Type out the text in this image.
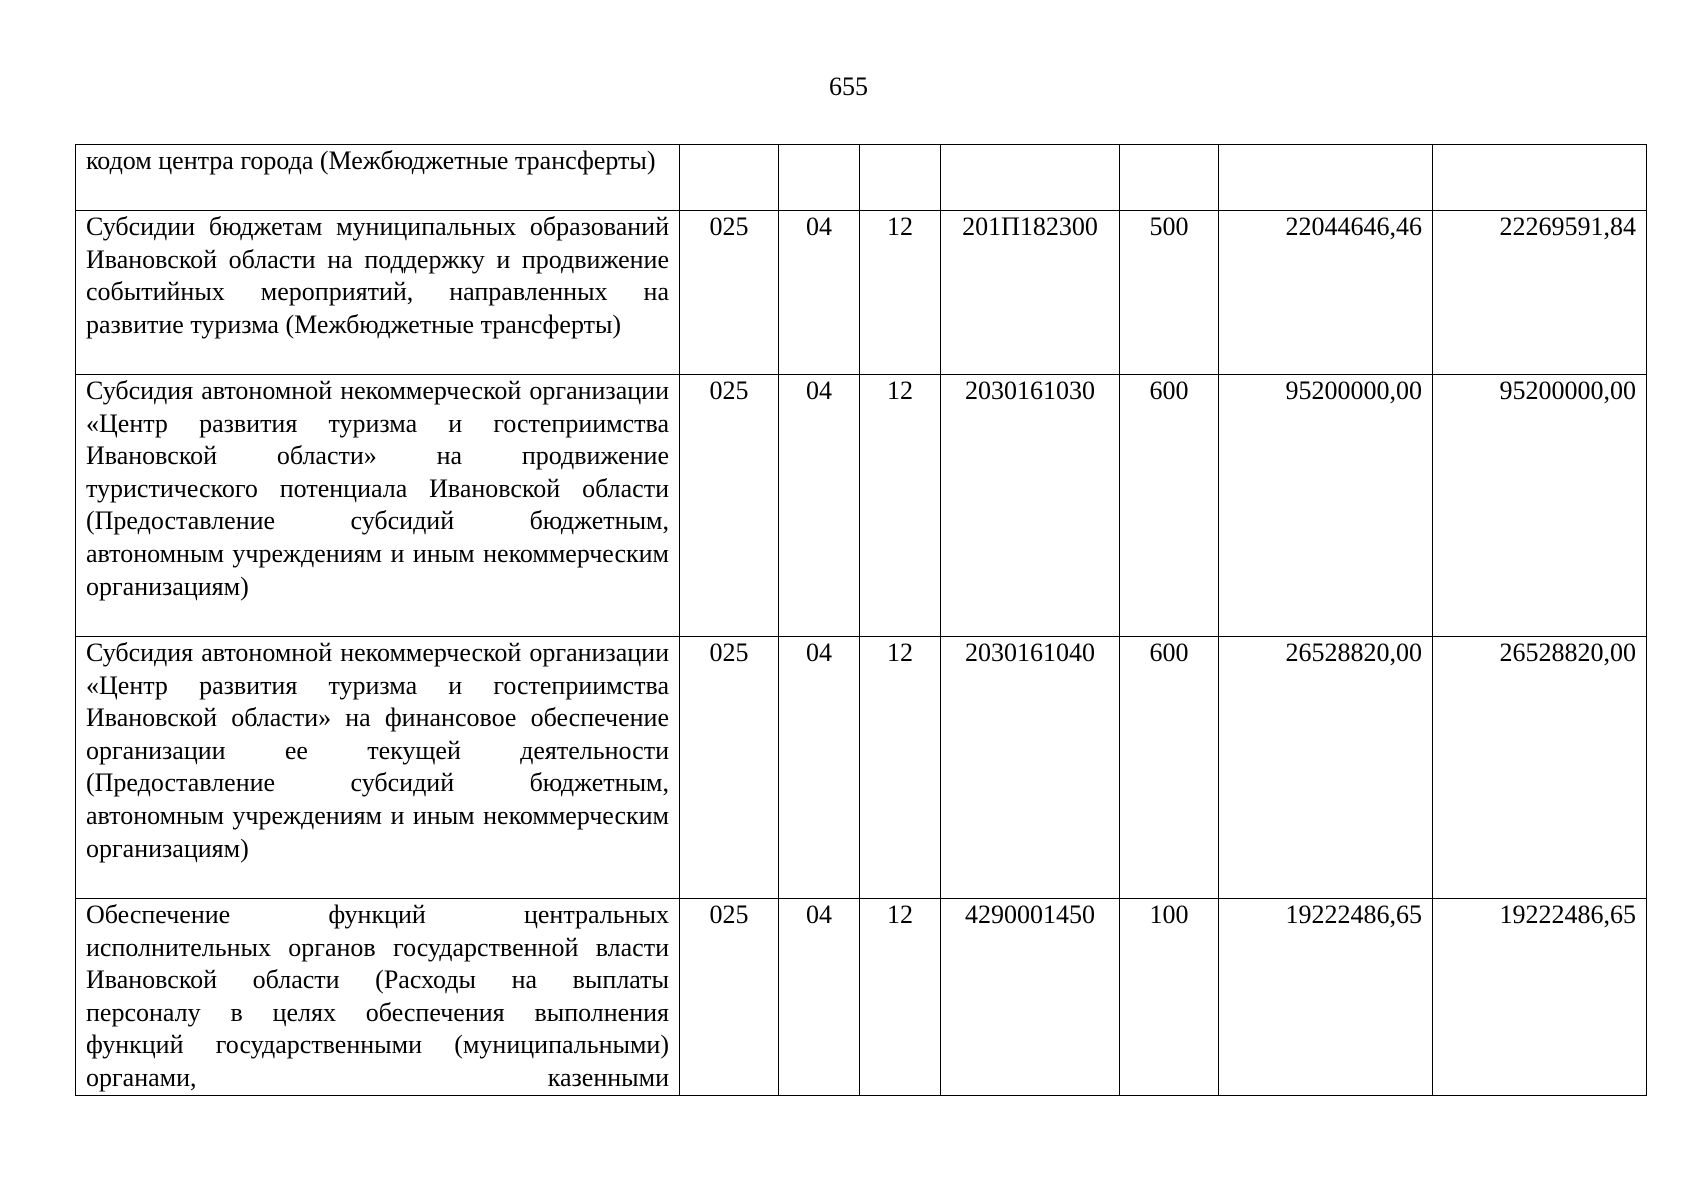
655
кодом центра города (Межбюджетные трансферты)							
Субсидии бюджетам муниципальных образований Ивановской области на поддержку и продвижение событийных мероприятий, направленных на развитие туризма (Межбюджетные трансферты)	025	04	12	201П182300	500	22044646,46	22269591,84
Субсидия автономной некоммерческой организации «Центр развития туризма и гостеприимства Ивановской области» на продвижение туристического потенциала Ивановской области (Предоставление субсидий бюджетным, автономным учреждениям и иным некоммерческим организациям)	025	04	12	2030161030	600	95200000,00	95200000,00
Субсидия автономной некоммерческой организации «Центр развития туризма и гостеприимства Ивановской области» на финансовое обеспечение организации ее текущей деятельности (Предоставление субсидий бюджетным, автономным учреждениям и иным некоммерческим организациям)	025	04	12	2030161040	600	26528820,00	26528820,00
Обеспечение функций центральных исполнительных органов государственной власти Ивановской области (Расходы на выплаты персоналу в целях обеспечения выполнения функций государственными (муниципальными) органами, казенными	025	04	12	4290001450	100	19222486,65	19222486,65
